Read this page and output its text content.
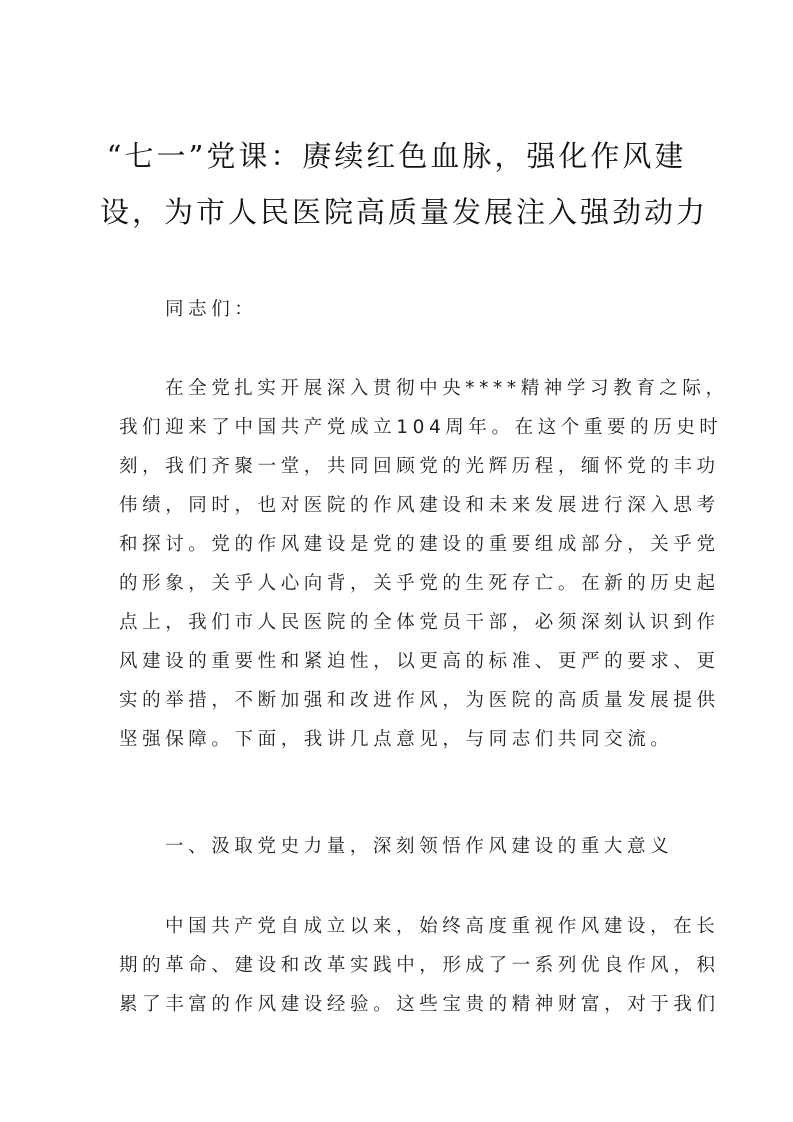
“七一”党课：赓续红色血脉，强化作风建
设，为市人民医院高质量发展注入强劲动力
同志们：
在全党扎实开展深入贯彻中央****精神学习教育之际，
我们迎来了中国共产党成立104周年。在这个重要的历史时
刻，我们齐聚一堂，共同回顾党的光辉历程，缅怀党的丰功
伟绩，同时，也对医院的作风建设和未来发展进行深入思考
和探讨。党的作风建设是党的建设的重要组成部分，关乎党
的形象，关乎人心向背，关乎党的生死存亡。在新的历史起
点上，我们市人民医院的全体党员干部，必须深刻认识到作
风建设的重要性和紧迫性，以更高的标准、更严的要求、更
实的举措，不断加强和改进作风，为医院的高质量发展提供
坚强保障。下面，我讲几点意见，与同志们共同交流。
一、汲取党史力量，深刻领悟作风建设的重大意义
中国共产党自成立以来，始终高度重视作风建设，在长
期的革命、建设和改革实践中，形成了一系列优良作风，积
累了丰富的作风建设经验。这些宝贵的精神财富，对于我们
